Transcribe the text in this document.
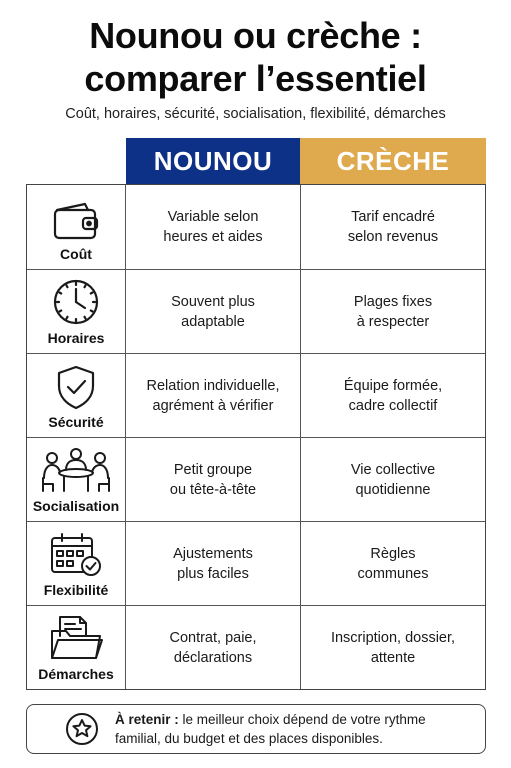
Nounou ou crèche :
comparer l’essentiel
Coût, horaires, sécurité, socialisation, flexibilité, démarches
NOUNOU	CRÈCHE
Coût
Variable selon
heures et aides
Tarif encadré
selon revenus
Horaires
Souvent plus
adaptable
Plages fixes
à respecter
Sécurité
Relation individuelle,
agrément à vérifier
Équipe formée,
cadre collectif
Socialisation
Petit groupe
ou tête-à-tête
Vie collective
quotidienne
Flexibilité
Ajustements
plus faciles
Règles
communes
Démarches
Contrat, paie,
déclarations
Inscription, dossier,
attente
À retenir : le meilleur choix dépend de votre rythme
familial, du budget et des places disponibles.
